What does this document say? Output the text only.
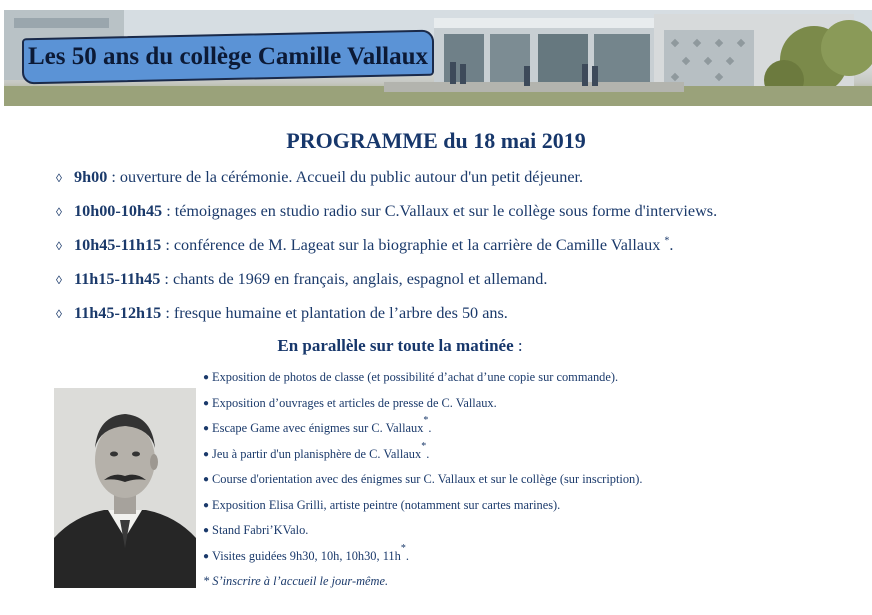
Les 50 ans du collège Camille Vallaux
PROGRAMME du 18 mai 2019
◊ 9h00 : ouverture de la cérémonie. Accueil du public autour d'un petit déjeuner.
◊ 10h00-10h45 : témoignages en studio radio sur C.Vallaux et sur le collège sous forme d'interviews.
◊ 10h45-11h15 : conférence de M. Lageat sur la biographie et la carrière de Camille Vallaux *.
◊ 11h15-11h45 : chants de 1969 en français, anglais, espagnol et allemand.
◊ 11h45-12h15 : fresque humaine et plantation de l’arbre des 50 ans.
En parallèle sur toute la matinée :
● Exposition de photos de classe (et possibilité d’achat d’une copie sur commande).
● Exposition d’ouvrages et articles de presse de C. Vallaux.
● Escape Game avec énigmes sur C. Vallaux
*
.
● Jeu à partir d'un planisphère de C. Vallaux
*
.
● Course d'orientation avec des énigmes sur C. Vallaux et sur le collège (sur inscription).
● Exposition Elisa Grilli, artiste peintre (notamment sur cartes marines).
● Stand Fabri’KValo.
● Visites guidées 9h30, 10h, 10h30, 11h
*
.
* S’inscrire à l’accueil le jour-même.
